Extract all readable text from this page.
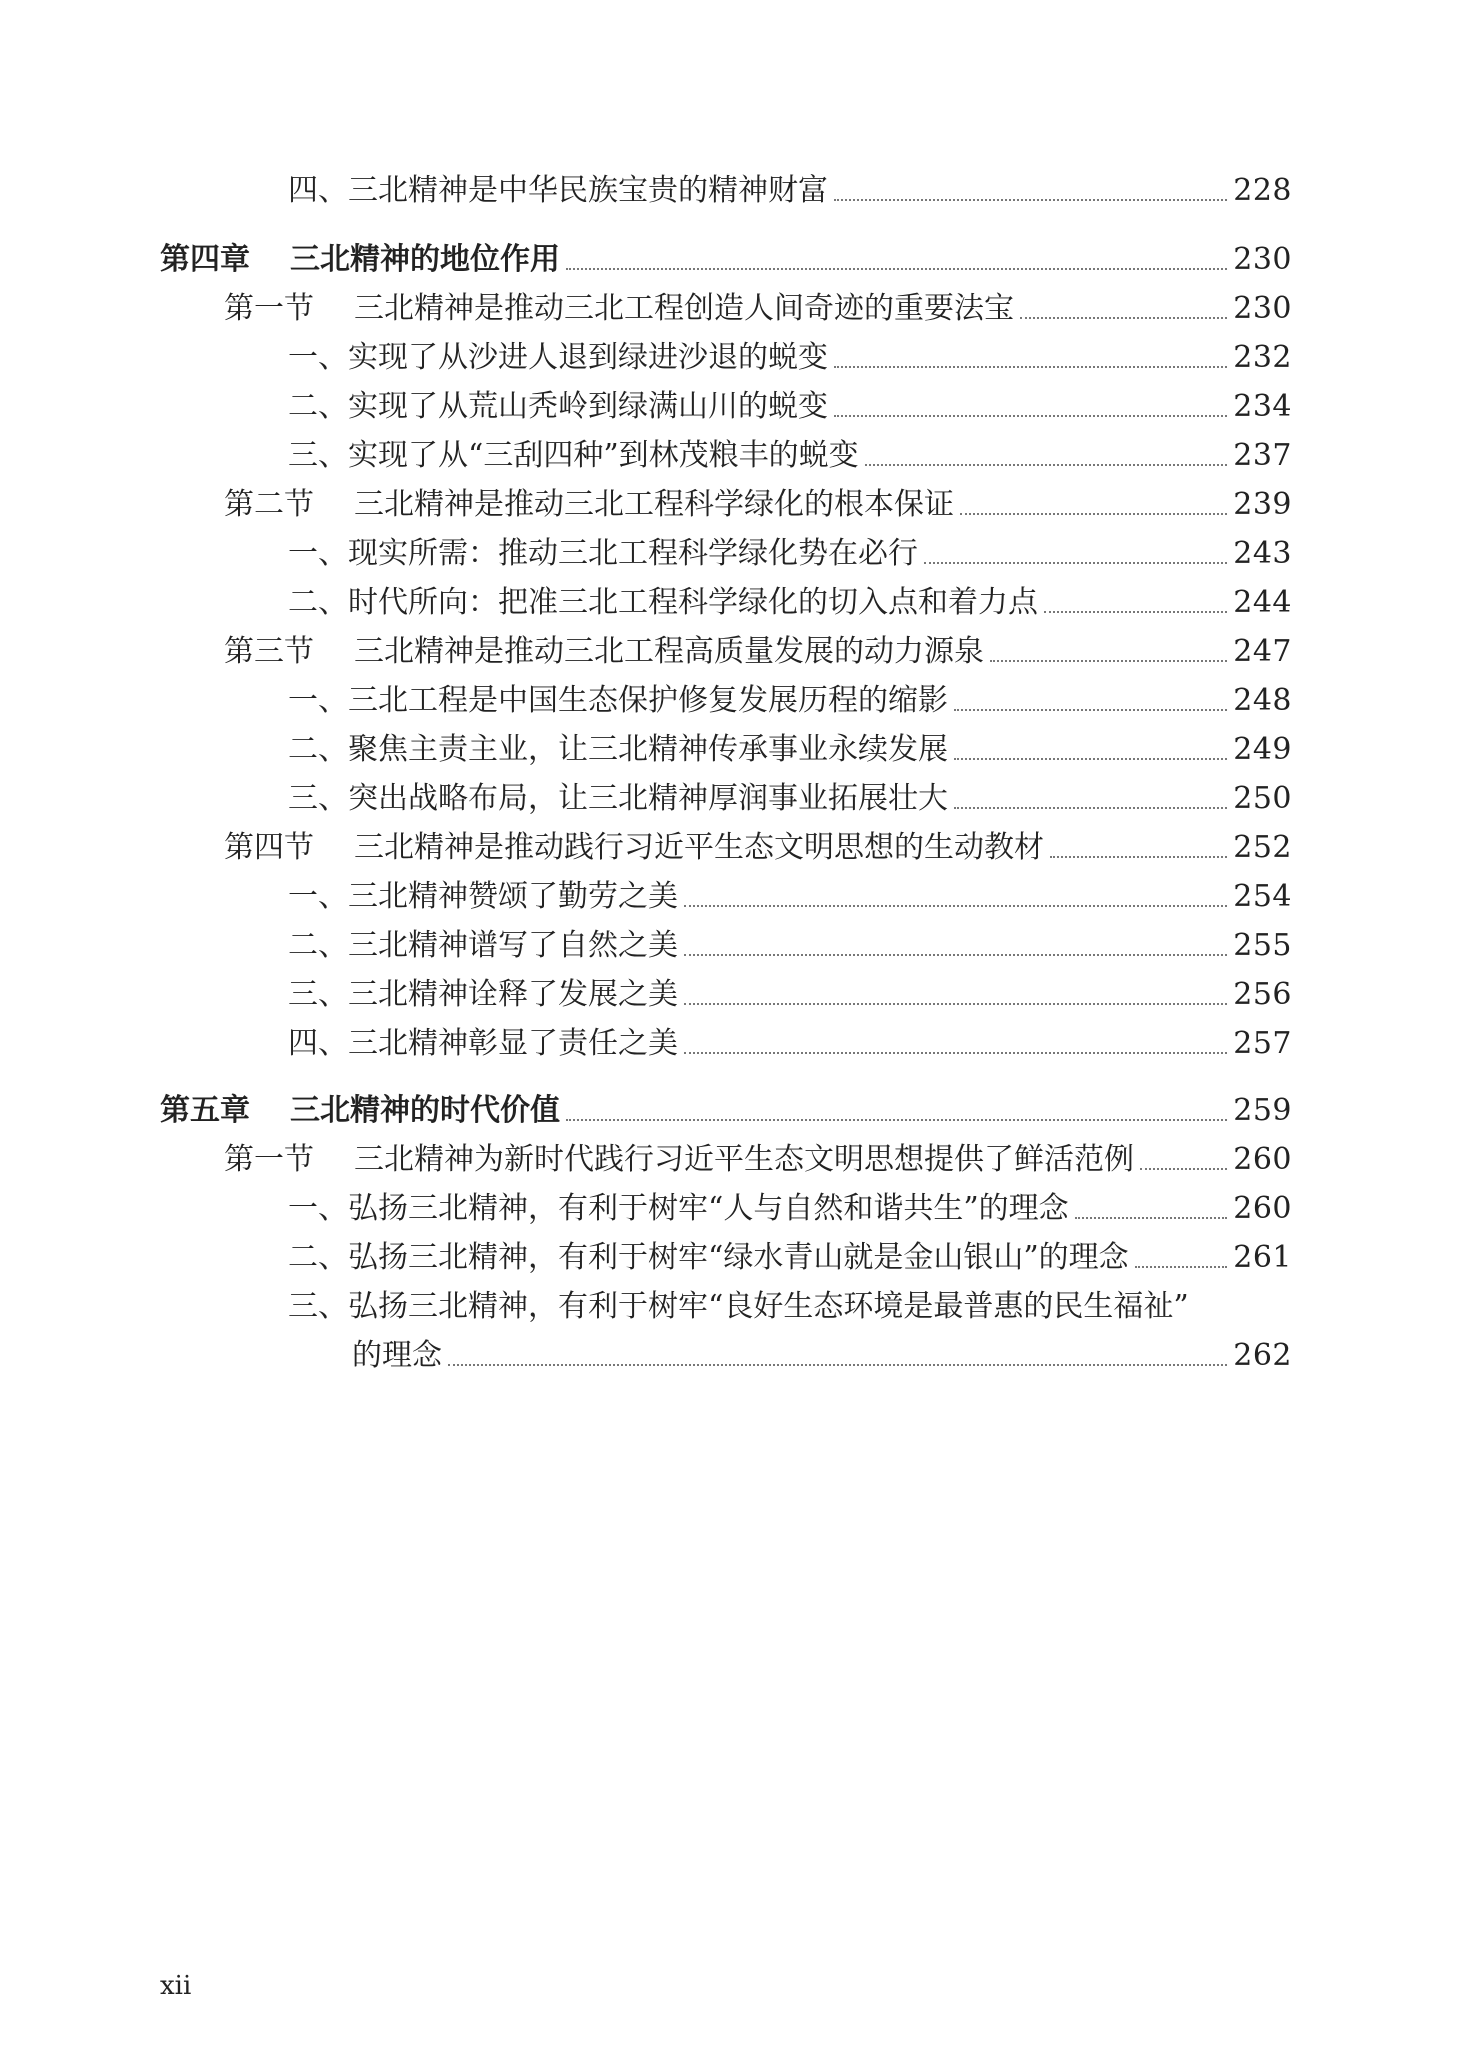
四、三北精神是中华民族宝贵的精神财富	228
第四章 三北精神的地位作用	230
第一节 三北精神是推动三北工程创造人间奇迹的重要法宝	230
一、实现了从沙进人退到绿进沙退的蜕变	232
二、实现了从荒山秃岭到绿满山川的蜕变	234
三、实现了从“三刮四种”到林茂粮丰的蜕变	237
第二节 三北精神是推动三北工程科学绿化的根本保证	239
一、现实所需：推动三北工程科学绿化势在必行	243
二、时代所向：把准三北工程科学绿化的切入点和着力点	244
第三节 三北精神是推动三北工程高质量发展的动力源泉	247
一、三北工程是中国生态保护修复发展历程的缩影	248
二、聚焦主责主业，让三北精神传承事业永续发展	249
三、突出战略布局，让三北精神厚润事业拓展壮大	250
第四节 三北精神是推动践行习近平生态文明思想的生动教材	252
一、三北精神赞颂了勤劳之美	254
二、三北精神谱写了自然之美	255
三、三北精神诠释了发展之美	256
四、三北精神彰显了责任之美	257
第五章 三北精神的时代价值	259
第一节 三北精神为新时代践行习近平生态文明思想提供了鲜活范例	260
一、弘扬三北精神，有利于树牢“人与自然和谐共生”的理念	260
二、弘扬三北精神，有利于树牢“绿水青山就是金山银山”的理念	261
三、弘扬三北精神，有利于树牢“良好生态环境是最普惠的民生福祉”
的理念	262
xii
